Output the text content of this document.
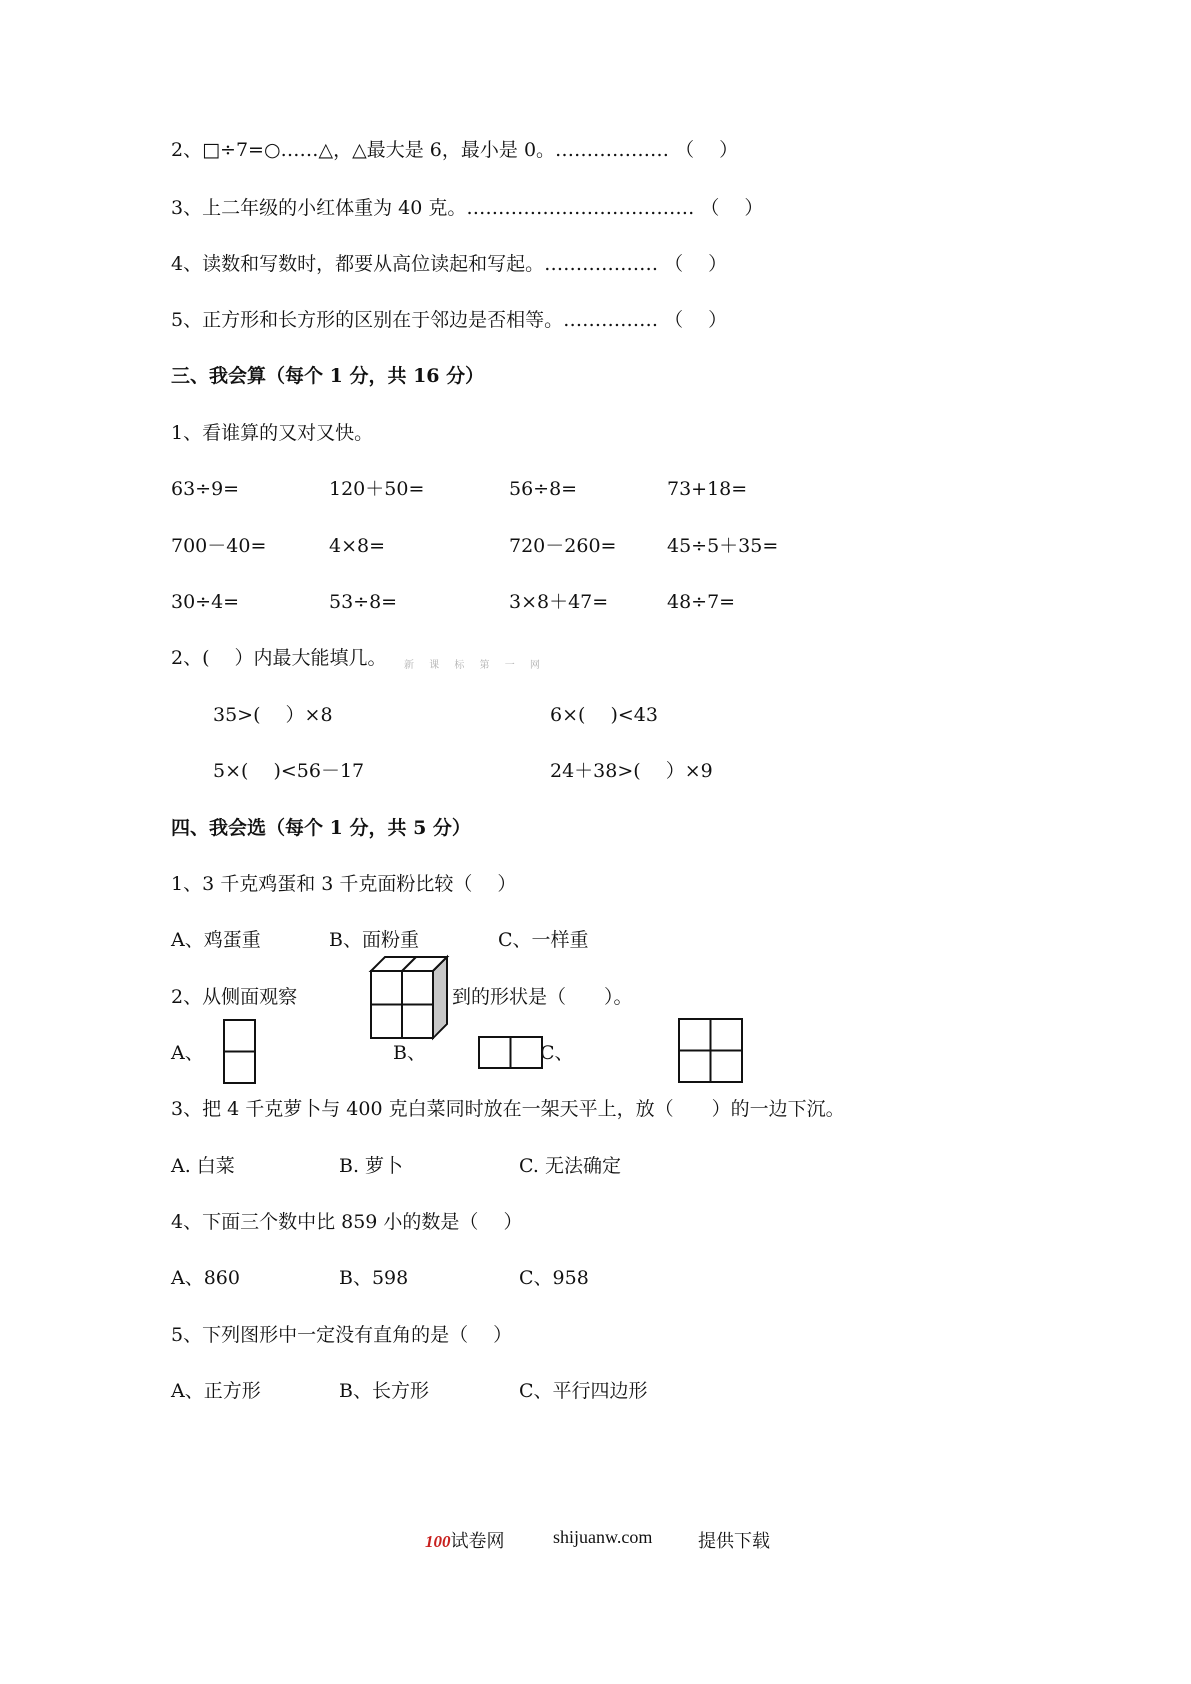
2、□÷7=○……△，△最大是 6，最小是 0。……………… （　 ）
3、上二年级的小红体重为 40 克。……………………………… （　 ）
4、读数和写数时，都要从高位读起和写起。……………… （　 ）
5、正方形和长方形的区别在于邻边是否相等。…………… （　 ）
三、我会算（每个 1 分，共 16 分）
1、看谁算的又对又快。
63÷9=	120＋50=	56÷8=	73+18=
700－40=	4×8=	720－260=	45÷5＋35=
30÷4=	53÷8=	3×8＋47=	48÷7=
2、(　 ）内最大能填几。 新 课 标 第 一 网
35>(　 ）×8	6×(　 )<43
5×(　 )<56－17	24＋38>(　 ）×9
四、我会选（每个 1 分，共 5 分）
1、3 千克鸡蛋和 3 千克面粉比较（　 ）
A、鸡蛋重	B、面粉重	C、一样重
2、从侧面观察	到的形状是（　　）。
A、	B、	C、
3、把 4 千克萝卜与 400 克白菜同时放在一架天平上，放（　　）的一边下沉。
A. 白菜	B. 萝卜	C. 无法确定
4、下面三个数中比 859 小的数是（　 ）
A、860	B、598	C、958
5、下列图形中一定没有直角的是（　 ）
A、正方形	B、长方形	C、平行四边形
100试卷网	shijuanw.com	提供下载
